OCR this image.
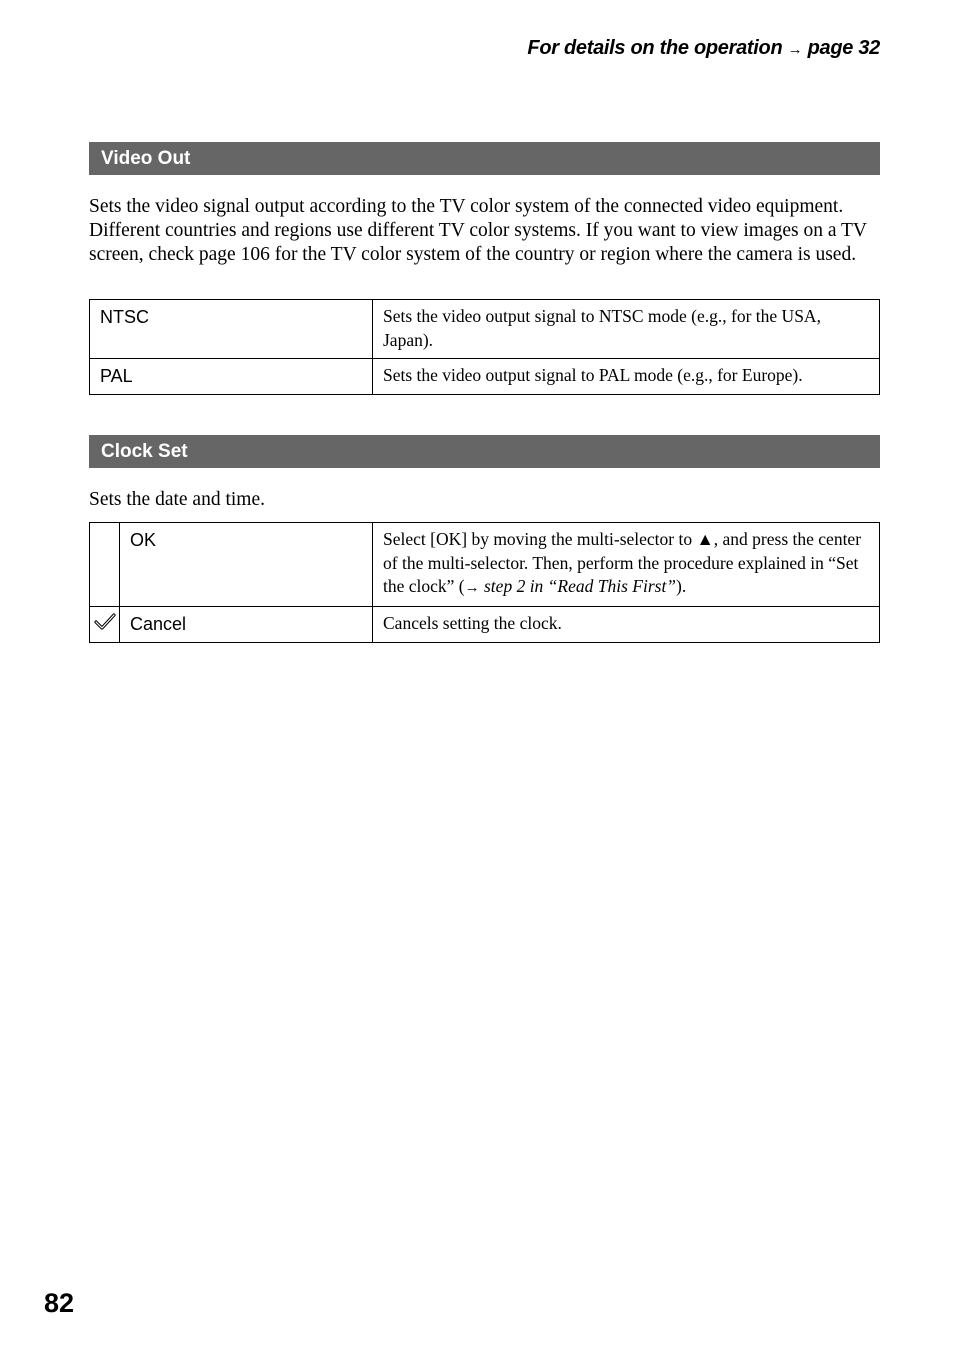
For details on the operation → page 32
Video Out
Sets the video signal output according to the TV color system of the connected video equipment. Different countries and regions use different TV color systems. If you want to view images on a TV screen, check page 106 for the TV color system of the country or region where the camera is used.
NTSC	Sets the video output signal to NTSC mode (e.g., for the USA, Japan).
PAL	Sets the video output signal to PAL mode (e.g., for Europe).
Clock Set
Sets the date and time.
	OK	Select [OK] by moving the multi-selector to ▲, and press the center of the multi-selector. Then, perform the procedure explained in “Set the clock” (→ step 2 in “Read This First”).
	Cancel	Cancels setting the clock.
82
